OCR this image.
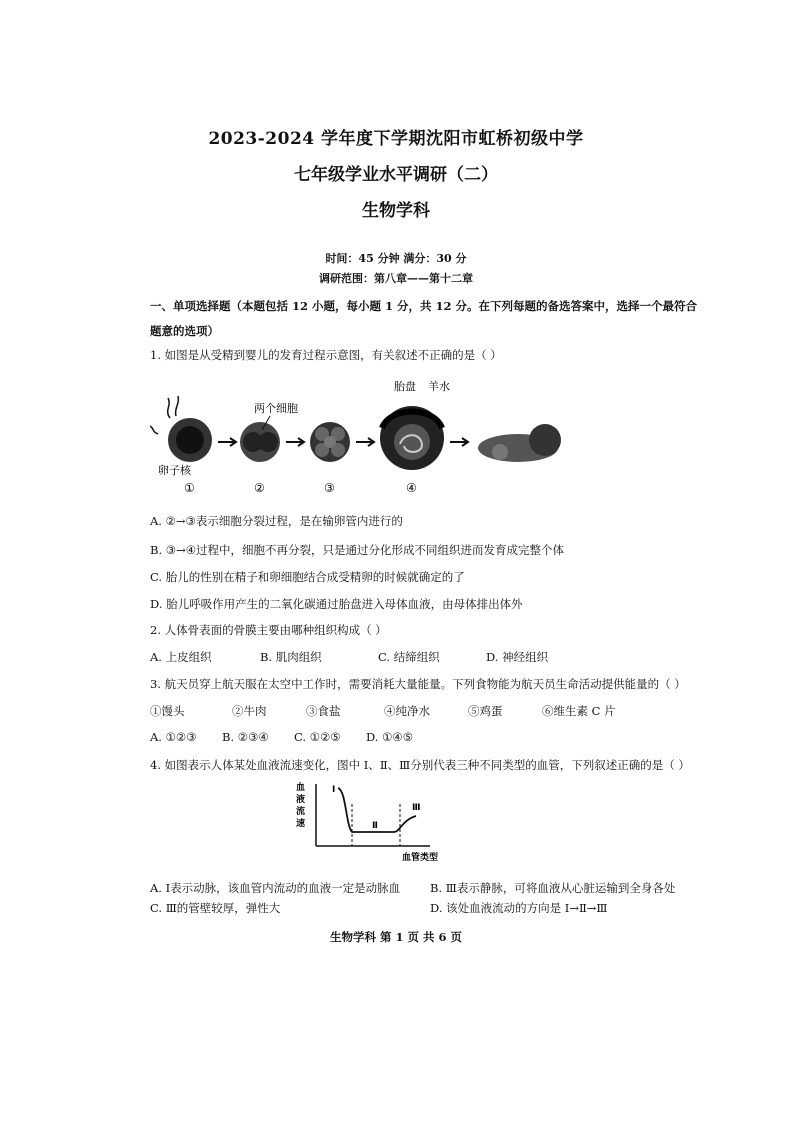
2023-2024 学年度下学期沈阳市虹桥初级中学
七年级学业水平调研（二）
生物学科
时间：45 分钟 满分：30 分
调研范围：第八章——第十二章
一、单项选择题（本题包括 12 小题，每小题 1 分，共 12 分。在下列每题的备选答案中，选择一个最符合
题意的选项）
1. 如图是从受精到婴儿的发育过程示意图，有关叙述不正确的是（ ）
卵子核
①
两个细胞
②	③
胎盘 羊水
④
A. ②→③表示细胞分裂过程，是在输卵管内进行的
B. ③→④过程中，细胞不再分裂，只是通过分化形成不同组织进而发育成完整个体
C. 胎儿的性别在精子和卵细胞结合成受精卵的时候就确定的了
D. 胎儿呼吸作用产生的二氧化碳通过胎盘进入母体血液，由母体排出体外
2. 人体骨表面的骨膜主要由哪种组织构成（ ）
A. 上皮组织	B. 肌肉组织	C. 结缔组织	D. 神经组织
3. 航天员穿上航天服在太空中工作时，需要消耗大量能量。下列食物能为航天员生命活动提供能量的（ ）
①馒头	②牛肉	③食盐	④纯净水	⑤鸡蛋	⑥维生素 C 片
A. ①②③ B. ②③④ C. ①②⑤ D. ①④⑤
4. 如图表示人体某处血液流速变化，图中 Ⅰ、Ⅱ、Ⅲ分别代表三种不同类型的血管，下列叙述正确的是（ ）
血
液
流
速
Ⅰ
Ⅱ
Ⅲ
血管类型
A. Ⅰ表示动脉，该血管内流动的血液一定是动脉血	B. Ⅲ表示静脉，可将血液从心脏运输到全身各处
C. Ⅲ的管壁较厚，弹性大	D. 该处血液流动的方向是 Ⅰ→Ⅱ→Ⅲ
生物学科 第 1 页 共 6 页
